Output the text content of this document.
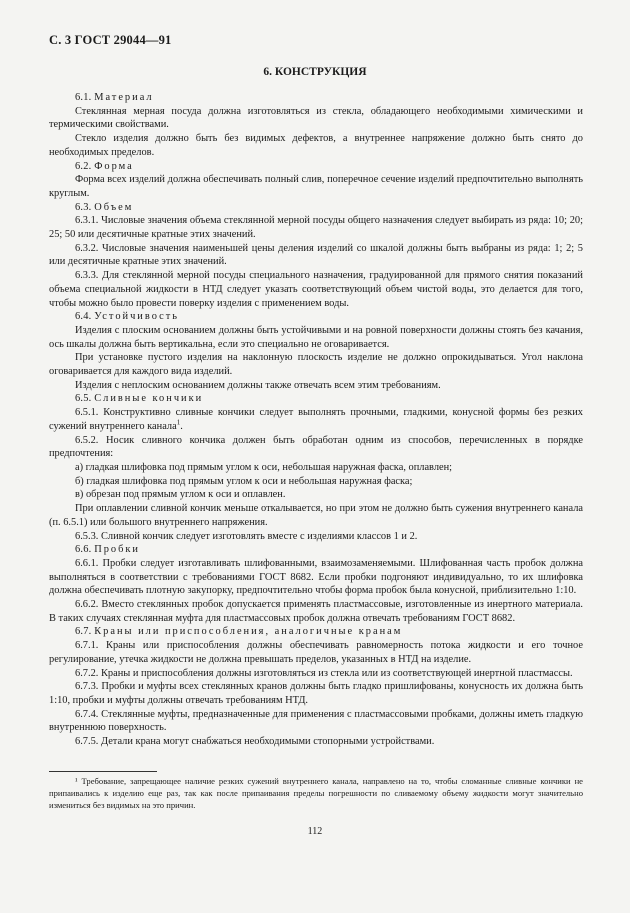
С. 3 ГОСТ 29044—91
6. КОНСТРУКЦИЯ

6.1. Материал

Стеклянная мерная посуда должна изготовляться из стекла, обладающего необходимыми химическими и термическими свойствами.

Стекло изделия должно быть без видимых дефектов, а внутреннее напряжение должно быть снято до необходимых пределов.

6.2. Форма

Форма всех изделий должна обеспечивать полный слив, поперечное сечение изделий предпочтительно выполнять круглым.

6.3. Объем

6.3.1. Числовые значения объема стеклянной мерной посуды общего назначения следует выбирать из ряда: 10; 20; 25; 50 или десятичные кратные этих значений.

6.3.2. Числовые значения наименьшей цены деления изделий со шкалой должны быть выбраны из ряда: 1; 2; 5 или десятичные кратные этих значений.

6.3.3. Для стеклянной мерной посуды специального назначения, градуированной для прямого снятия показаний объема специальной жидкости в НТД следует указать соответствующий объем чистой воды, это делается для того, чтобы можно было провести поверку изделия с применением воды.

6.4. Устойчивость

Изделия с плоским основанием должны быть устойчивыми и на ровной поверхности должны стоять без качания, ось шкалы должна быть вертикальна, если это специально не оговаривается.

При установке пустого изделия на наклонную плоскость изделие не должно опрокидываться. Угол наклона оговаривается для каждого вида изделий.

Изделия с неплоским основанием должны также отвечать всем этим требованиям.

6.5. Сливные кончики

6.5.1. Конструктивно сливные кончики следует выполнять прочными, гладкими, конусной формы без резких сужений внутреннего канала$^1$.

6.5.2. Носик сливного кончика должен быть обработан одним из способов, перечисленных в порядке предпочтения:

а) гладкая шлифовка под прямым углом к оси, небольшая наружная фаска, оплавлен;

б) гладкая шлифовка под прямым углом к оси и небольшая наружная фаска;

в) обрезан под прямым углом к оси и оплавлен.

При оплавлении сливной кончик меньше откалывается, но при этом не должно быть сужения внутреннего канала (п. 6.5.1) или большого внутреннего напряжения.

6.5.3. Сливной кончик следует изготовлять вместе с изделиями классов 1 и 2.

6.6. Пробки

6.6.1. Пробки следует изготавливать шлифованными, взаимозаменяемыми. Шлифованная часть пробок должна выполняться в соответствии с требованиями ГОСТ 8682. Если пробки подгоняют индивидуально, то их шлифовка должна обеспечивать плотную закупорку, предпочтительно чтобы форма пробок была конусной, приблизительно 1:10.

6.6.2. Вместо стеклянных пробок допускается применять пластмассовые, изготовленные из инертного материала. В таких случаях стеклянная муфта для пластмассовых пробок должна отвечать требованиям ГОСТ 8682.

6.7. Краны или приспособления, аналогичные кранам

6.7.1. Краны или приспособления должны обеспечивать равномерность потока жидкости и его точное регулирование, утечка жидкости не должна превышать пределов, указанных в НТД на изделие.

6.7.2. Краны и приспособления должны изготовляться из стекла или из соответствующей инертной пластмассы.

6.7.3. Пробки и муфты всех стеклянных кранов должны быть гладко пришлифованы, конусность их должна быть 1:10, пробки и муфты должны отвечать требованиям НТД.

6.7.4. Стеклянные муфты, предназначенные для применения с пластмассовыми пробками, должны иметь гладкую внутреннюю поверхность.

6.7.5. Детали крана могут снабжаться необходимыми стопорными устройствами.

¹ Требование, запрещающее наличие резких сужений внутреннего канала, направлено на то, чтобы сломанные сливные кончики не припаивались к изделию еще раз, так как после припаивания пределы погрешности по сливаемому объему жидкости могут значительно измениться без видимых на это причин.
112
